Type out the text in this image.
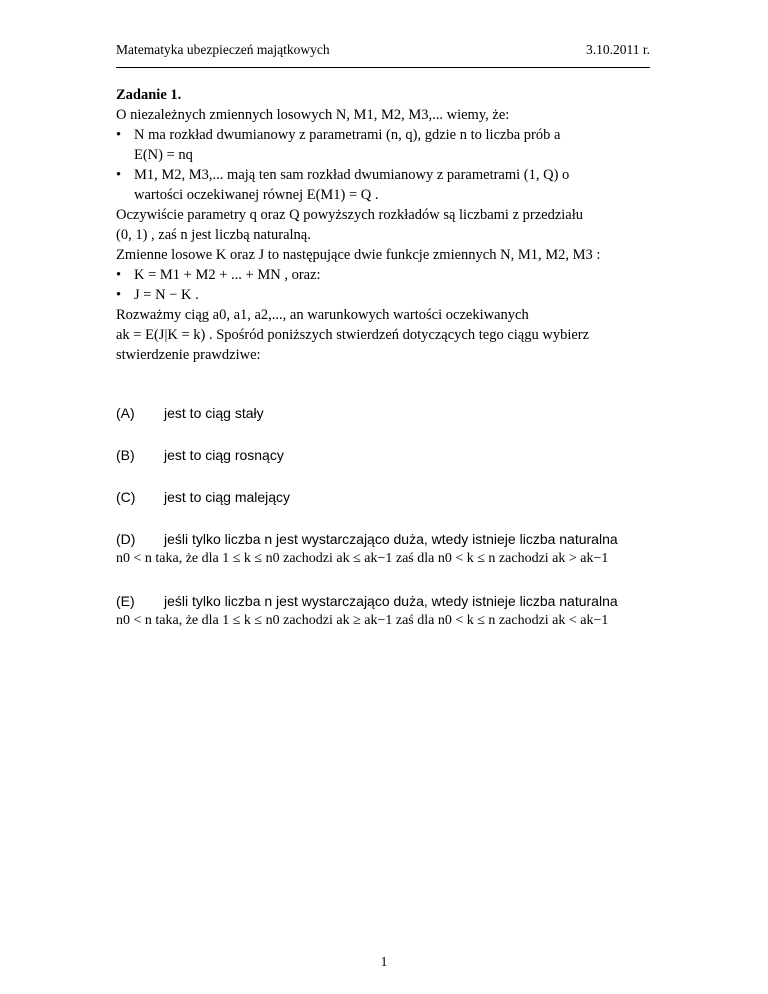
Matematyka ubezpieczeń majątkowych	3.10.2011 r.

Zadanie 1.

O niezależnych zmiennych losowych N, M1, M2, M3,... wiemy, że:

• N ma rozkład dwumianowy z parametrami (n, q), gdzie n to liczba prób a
E(N) = nq
• M1, M2, M3,... mają ten sam rozkład dwumianowy z parametrami (1, Q) o
wartości oczekiwanej równej E(M1) = Q .

Oczywiście parametry q oraz Q powyższych rozkładów są liczbami z przedziału

(0, 1) , zaś n jest liczbą naturalną.

Zmienne losowe K oraz J to następujące dwie funkcje zmiennych N, M1, M2, M3 :

• K = M1 + M2 + ... + MN , oraz:
• J = N − K .

Rozważmy ciąg a0, a1, a2,..., an warunkowych wartości oczekiwanych

ak = E(J|K = k) . Spośród poniższych stwierdzeń dotyczących tego ciągu wybierz

stwierdzenie prawdziwe:

(A) jest to ciąg stały
(B) jest to ciąg rosnący
(C) jest to ciąg malejący
(D) jeśli tylko liczba n jest wystarczająco duża, wtedy istnieje liczba naturalna
n0 < n taka, że dla 1 ≤ k ≤ n0 zachodzi ak ≤ ak−1 zaś dla n0 < k ≤ n zachodzi ak > ak−1
(E) jeśli tylko liczba n jest wystarczająco duża, wtedy istnieje liczba naturalna
n0 < n taka, że dla 1 ≤ k ≤ n0 zachodzi ak ≥ ak−1 zaś dla n0 < k ≤ n zachodzi ak < ak−1
1
